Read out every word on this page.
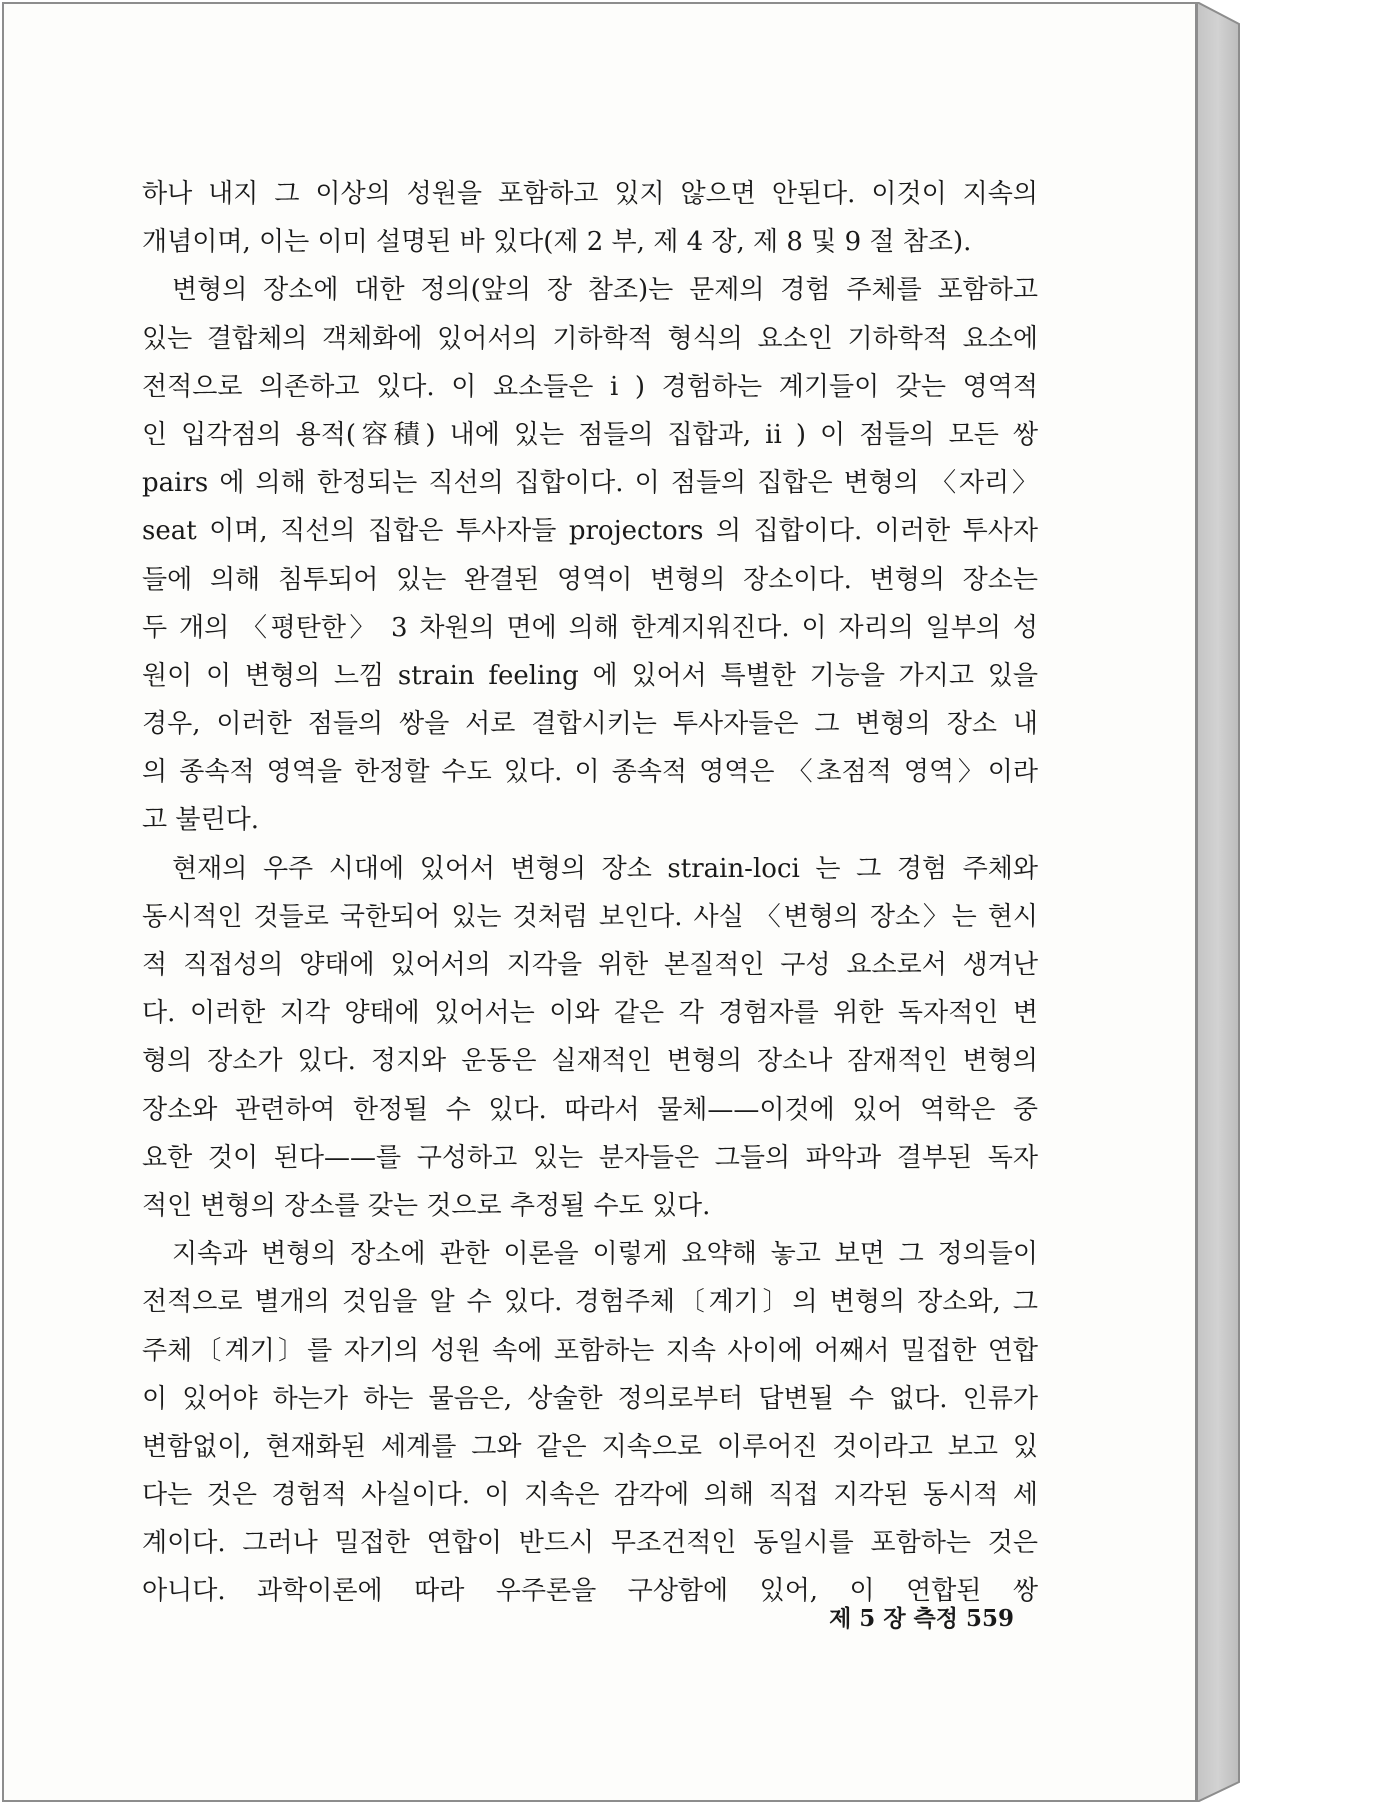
하나 내지 그 이상의 성원을 포함하고 있지 않으면 안된다. 이것이 지속의
개념이며, 이는 이미 설명된 바 있다(제 2 부, 제 4 장, 제 8 및 9 절 참조).
변형의 장소에 대한 정의(앞의 장 참조)는 문제의 경험 주체를 포함하고
있는 결합체의 객체화에 있어서의 기하학적 형식의 요소인 기하학적 요소에
전적으로 의존하고 있다. 이 요소들은 i ) 경험하는 계기들이 갖는 영역적
인 입각점의 용적(容積) 내에 있는 점들의 집합과, ii ) 이 점들의 모든 쌍
pairs 에 의해 한정되는 직선의 집합이다. 이 점들의 집합은 변형의 〈자리〉
seat 이며, 직선의 집합은 투사자들 projectors 의 집합이다. 이러한 투사자
들에 의해 침투되어 있는 완결된 영역이 변형의 장소이다. 변형의 장소는
두 개의 〈평탄한〉 3 차원의 면에 의해 한계지워진다. 이 자리의 일부의 성
원이 이 변형의 느낌 strain feeling 에 있어서 특별한 기능을 가지고 있을
경우, 이러한 점들의 쌍을 서로 결합시키는 투사자들은 그 변형의 장소 내
의 종속적 영역을 한정할 수도 있다. 이 종속적 영역은 〈초점적 영역〉이라
고 불린다.
현재의 우주 시대에 있어서 변형의 장소 strain-loci 는 그 경험 주체와
동시적인 것들로 국한되어 있는 것처럼 보인다. 사실 〈변형의 장소〉는 현시
적 직접성의 양태에 있어서의 지각을 위한 본질적인 구성 요소로서 생겨난
다. 이러한 지각 양태에 있어서는 이와 같은 각 경험자를 위한 독자적인 변
형의 장소가 있다. 정지와 운동은 실재적인 변형의 장소나 잠재적인 변형의
장소와 관련하여 한정될 수 있다. 따라서 물체——이것에 있어 역학은 중
요한 것이 된다——를 구성하고 있는 분자들은 그들의 파악과 결부된 독자
적인 변형의 장소를 갖는 것으로 추정될 수도 있다.
지속과 변형의 장소에 관한 이론을 이렇게 요약해 놓고 보면 그 정의들이
전적으로 별개의 것임을 알 수 있다. 경험주체〔계기〕의 변형의 장소와, 그
주체〔계기〕를 자기의 성원 속에 포함하는 지속 사이에 어째서 밀접한 연합
이 있어야 하는가 하는 물음은, 상술한 정의로부터 답변될 수 없다. 인류가
변함없이, 현재화된 세계를 그와 같은 지속으로 이루어진 것이라고 보고 있
다는 것은 경험적 사실이다. 이 지속은 감각에 의해 직접 지각된 동시적 세
계이다. 그러나 밀접한 연합이 반드시 무조건적인 동일시를 포함하는 것은
아니다. 과학이론에 따라 우주론을 구상함에 있어, 이 연합된 쌍
제 5 장 측정 559
